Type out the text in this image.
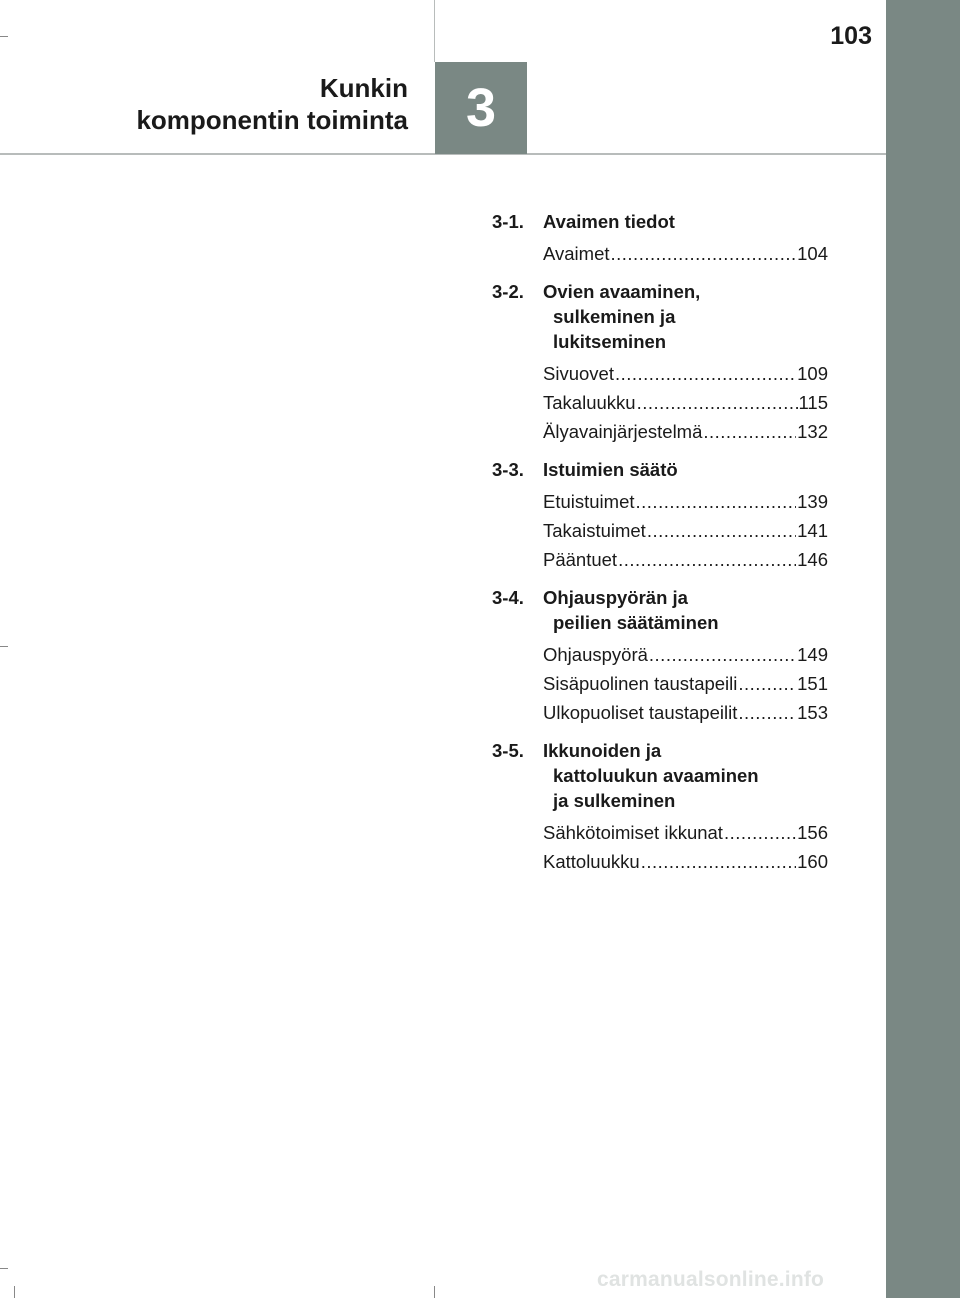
103
Kunkin
komponentin toiminta	3
3-1.	Avaimen tiedot
Avaimet .....	104
3-2.	Ovien avaaminen,
sulkeminen ja
lukitseminen
Sivuovet .....	109
Takaluukku .....	115
Älyavainjärjestelmä .....	132
3-3.	Istuimien säätö
Etuistuimet .....	139
Takaistuimet .....	141
Pääntuet .....	146
3-4.	Ohjauspyörän ja
peilien säätäminen
Ohjauspyörä .....	149
Sisäpuolinen taustapeili .....	151
Ulkopuoliset taustapeilit .....	153
3-5.	Ikkunoiden ja
kattoluukun avaaminen
ja sulkeminen
Sähkötoimiset ikkunat .....	156
Kattoluukku .....	160
carmanualsonline.info
